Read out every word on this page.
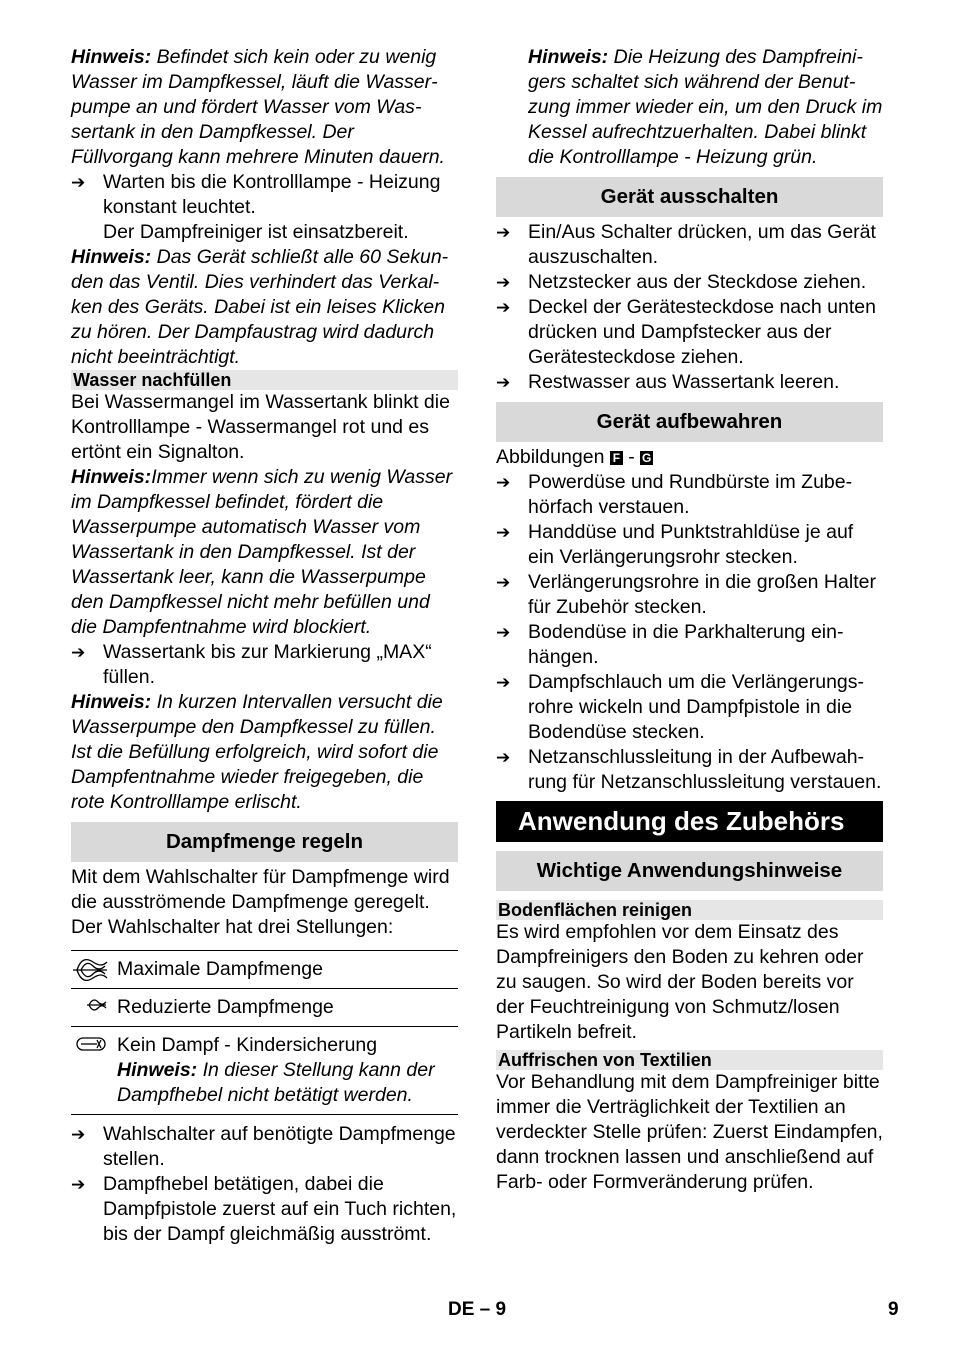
Hinweis: Befindet sich kein oder zu wenig Wasser im Dampfkessel, läuft die Wasserpumpe an und fördert Wasser vom Wassertank in den Dampfkessel. Der Füllvorgang kann mehrere Minuten dauern.

➔ Warten bis die Kontrolllampe - Heizung konstant leuchtet.

Der Dampfreiniger ist einsatzbereit.

Hinweis: Das Gerät schließt alle 60 Sekunden das Ventil. Dies verhindert das Verkalken des Geräts. Dabei ist ein leises Klicken zu hören. Der Dampfaustrag wird dadurch nicht beeinträchtigt.

Wasser nachfüllen

Bei Wassermangel im Wassertank blinkt die Kontrolllampe - Wassermangel rot und es ertönt ein Signalton.

Hinweis:Immer wenn sich zu wenig Wasser im Dampfkessel befindet, fördert die Wasserpumpe automatisch Wasser vom Wassertank in den Dampfkessel. Ist der Wassertank leer, kann die Wasserpumpe den Dampfkessel nicht mehr befüllen und die Dampfentnahme wird blockiert.

➔ Wassertank bis zur Markierung „MAX“ füllen.

Hinweis: In kurzen Intervallen versucht die Wasserpumpe den Dampfkessel zu füllen. Ist die Befüllung erfolgreich, wird sofort die Dampfentnahme wieder freigegeben, die rote Kontrolllampe erlischt.

Dampfmenge regeln

Mit dem Wahlschalter für Dampfmenge wird die ausströmende Dampfmenge geregelt. Der Wahlschalter hat drei Stellungen:

	Maximale Dampfmenge

	Reduzierte Dampfmenge

Kein Dampf - Kindersicherung
Hinweis: In dieser Stellung kann der Dampfhebel nicht betätigt werden.
➔ Wahlschalter auf benötigte Dampfmenge stellen.
➔ Dampfhebel betätigen, dabei die Dampfpistole zuerst auf ein Tuch richten, bis der Dampf gleichmäßig ausströmt.

Hinweis: Die Heizung des Dampfreinigers schaltet sich während der Benutzung immer wieder ein, um den Druck im Kessel aufrechtzuerhalten. Dabei blinkt die Kontrolllampe - Heizung grün.

Gerät ausschalten
➔ Ein/Aus Schalter drücken, um das Gerät auszuschalten.
➔ Netzstecker aus der Steckdose ziehen.
➔ Deckel der Gerätesteckdose nach unten drücken und Dampfstecker aus der Gerätesteckdose ziehen.
➔ Restwasser aus Wassertank leeren.
Gerät aufbewahren

Abbildungen F - G

➔ Powerdüse und Rundbürste im Zubehörfach verstauen.
➔ Handdüse und Punktstrahldüse je auf ein Verlängerungsrohr stecken.
➔ Verlängerungsrohre in die großen Halter für Zubehör stecken.
➔ Bodendüse in die Parkhalterung einhängen.
➔ Dampfschlauch um die Verlängerungsrohre wickeln und Dampfpistole in die Bodendüse stecken.
➔ Netzanschlussleitung in der Aufbewahrung für Netzanschlussleitung verstauen.
Anwendung des Zubehörs
Wichtige Anwendungshinweise
Bodenflächen reinigen

Es wird empfohlen vor dem Einsatz des Dampfreinigers den Boden zu kehren oder zu saugen. So wird der Boden bereits vor der Feuchtreinigung von Schmutz/losen Partikeln befreit.

Auffrischen von Textilien

Vor Behandlung mit dem Dampfreiniger bitte immer die Verträglichkeit der Textilien an verdeckter Stelle prüfen: Zuerst Eindampfen, dann trocknen lassen und anschließend auf Farb- oder Formveränderung prüfen.

DE – 9	9
